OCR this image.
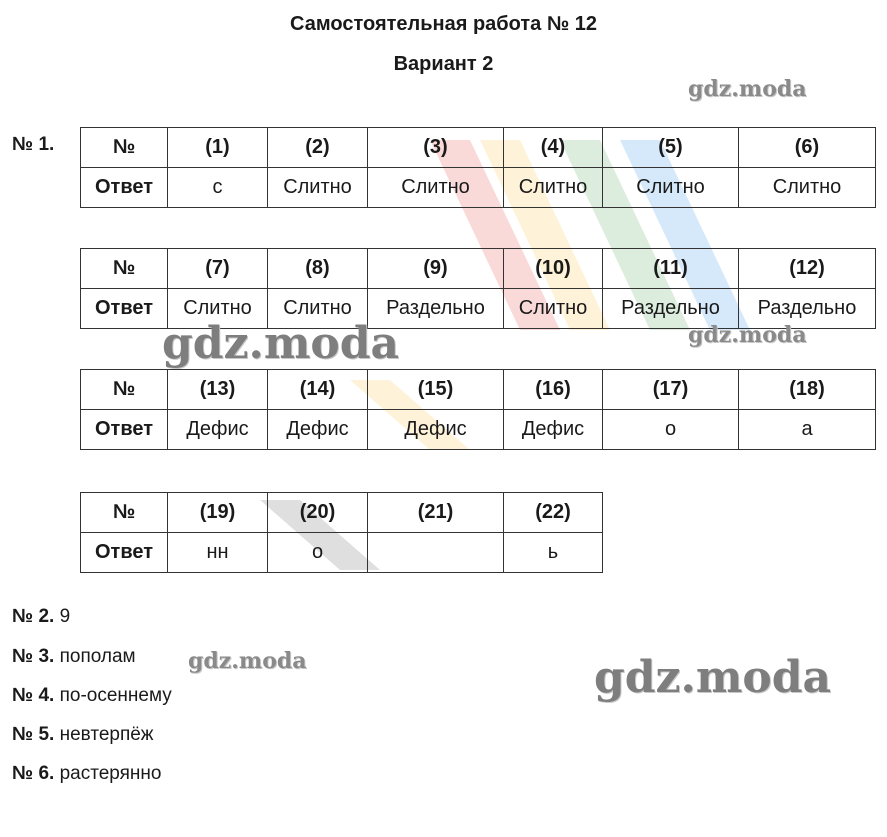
Самостоятельная работа № 12
Вариант 2
№ 1.	№	(1)	(2)	(3)	(4)	(5)	(6)
Ответ	с	Слитно	Слитно	Слитно	Слитно	Слитно
№	(7)	(8)	(9)	(10)	(11)	(12)
Ответ	Слитно	Слитно	Раздельно	Слитно	Раздельно	Раздельно
№	(13)	(14)	(15)	(16)	(17)	(18)
Ответ	Дефис	Дефис	Дефис	Дефис	о	а
№	(19)	(20)	(21)	(22)
Ответ	нн	о		ь
№ 2. 9
№ 3. пополам
№ 4. по-осеннему
№ 5. невтерпёж
№ 6. растерянно
gdz.moda
gdz.moda	gdz.moda
gdz.moda	gdz.moda
